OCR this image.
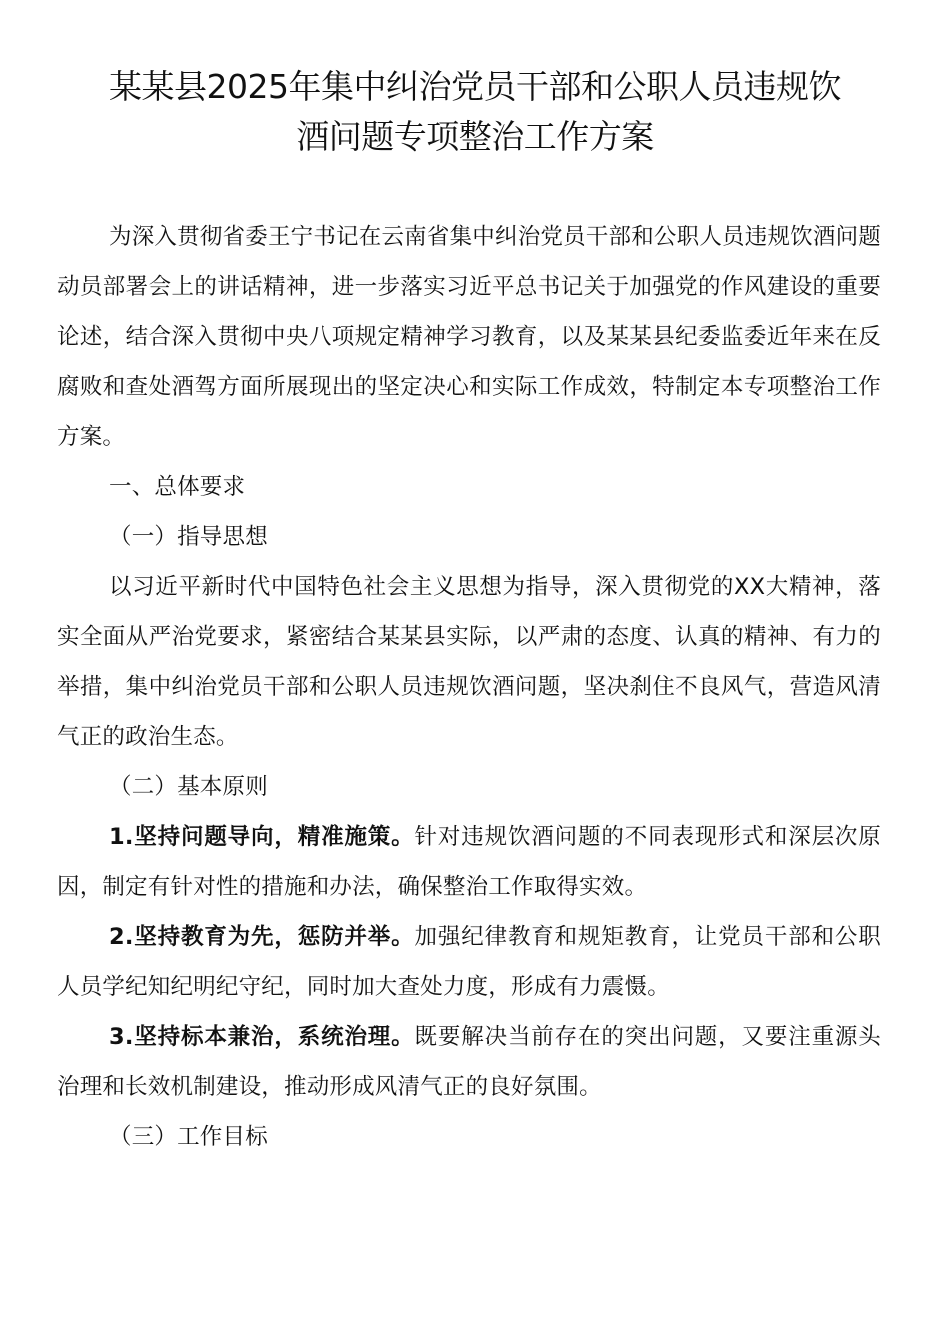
某某县2025年集中纠治党员干部和公职人员违规饮
酒问题专项整治工作方案

为深入贯彻省委王宁书记在云南省集中纠治党员干部和公职人员违规饮酒问题动员部署会上的讲话精神，进一步落实习近平总书记关于加强党的作风建设的重要论述，结合深入贯彻中央八项规定精神学习教育，以及某某县纪委监委近年来在反腐败和查处酒驾方面所展现出的坚定决心和实际工作成效，特制定本专项整治工作方案。

一、总体要求

（一）指导思想

以习近平新时代中国特色社会主义思想为指导，深入贯彻党的XX大精神，落实全面从严治党要求，紧密结合某某县实际，以严肃的态度、认真的精神、有力的举措，集中纠治党员干部和公职人员违规饮酒问题，坚决刹住不良风气，营造风清气正的政治生态。

（二）基本原则

1.坚持问题导向，精准施策。针对违规饮酒问题的不同表现形式和深层次原因，制定有针对性的措施和办法，确保整治工作取得实效。

2.坚持教育为先，惩防并举。加强纪律教育和规矩教育，让党员干部和公职人员学纪知纪明纪守纪，同时加大查处力度，形成有力震慑。

3.坚持标本兼治，系统治理。既要解决当前存在的突出问题，又要注重源头治理和长效机制建设，推动形成风清气正的良好氛围。

（三）工作目标
